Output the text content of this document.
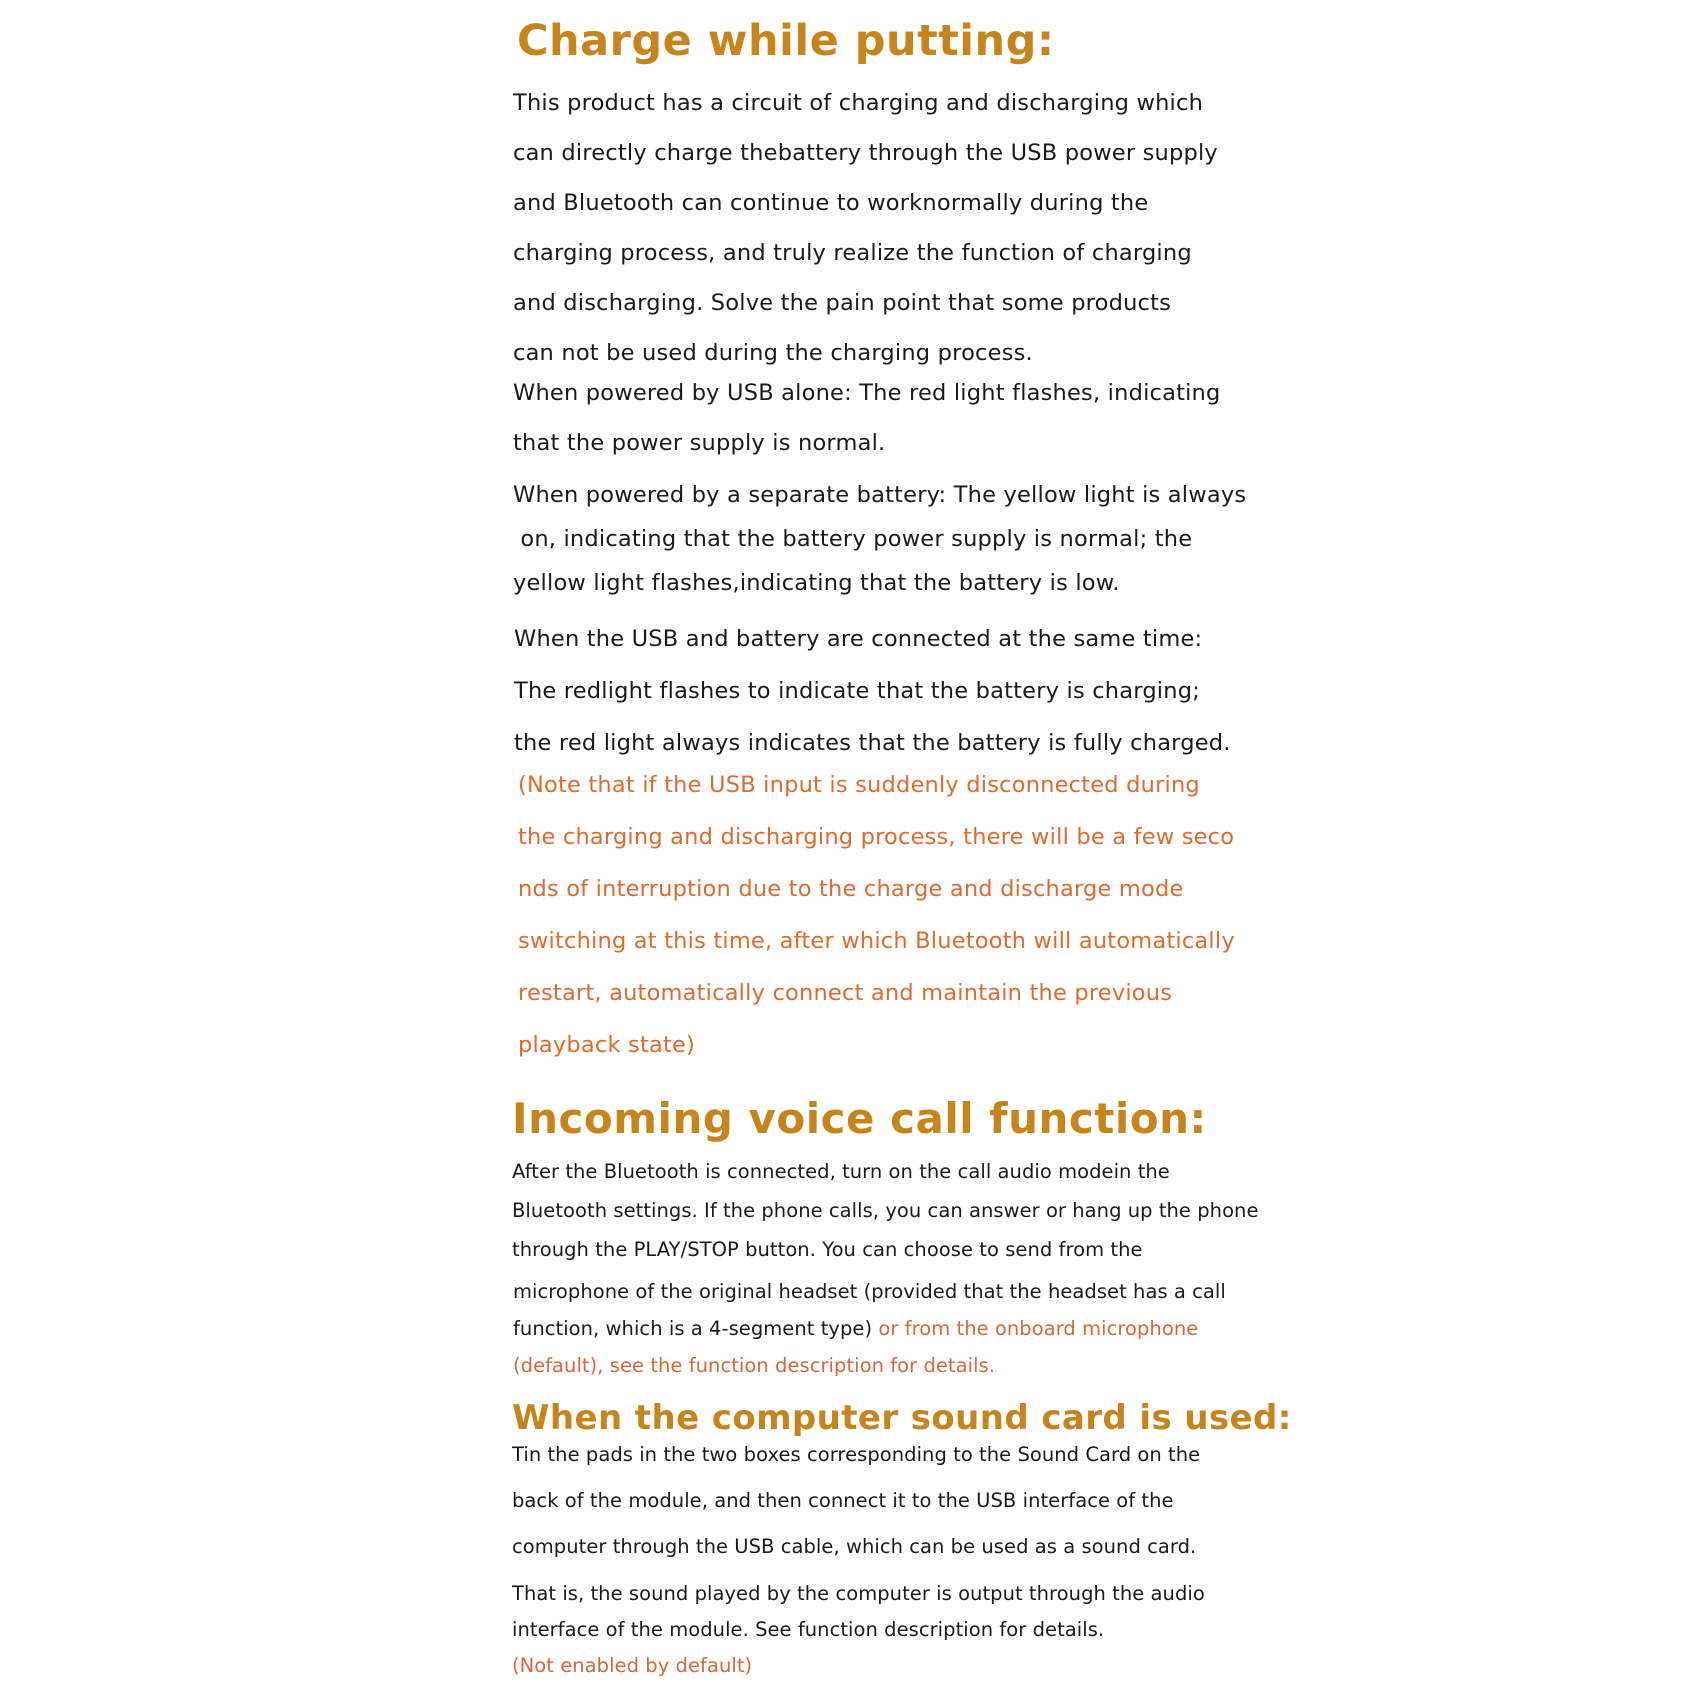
Charge while putting:

This product has a circuit of charging and discharging which

can directly charge thebattery through the USB power supply

and Bluetooth can continue to worknormally during the

charging process, and truly realize the function of charging

and discharging. Solve the pain point that some products

can not be used during the charging process.

When powered by USB alone: The red light flashes, indicating

that the power supply is normal.

When powered by a separate battery: The yellow light is always

on, indicating that the battery power supply is normal; the

yellow light flashes,indicating that the battery is low.

When the USB and battery are connected at the same time:

The redlight flashes to indicate that the battery is charging;

the red light always indicates that the battery is fully charged.

(Note that if the USB input is suddenly disconnected during

the charging and discharging process, there will be a few seco

nds of interruption due to the charge and discharge mode

switching at this time, after which Bluetooth will automatically

restart, automatically connect and maintain the previous

playback state)

Incoming voice call function:

After the Bluetooth is connected, turn on the call audio modein the

Bluetooth settings. If the phone calls, you can answer or hang up the phone

through the PLAY/STOP button. You can choose to send from the

microphone of the original headset (provided that the headset has a call

function, which is a 4-segment type) or from the onboard microphone

(default), see the function description for details.

When the computer sound card is used:

Tin the pads in the two boxes corresponding to the Sound Card on the

back of the module, and then connect it to the USB interface of the

computer through the USB cable, which can be used as a sound card.

That is, the sound played by the computer is output through the audio

interface of the module. See function description for details.

(Not enabled by default)
